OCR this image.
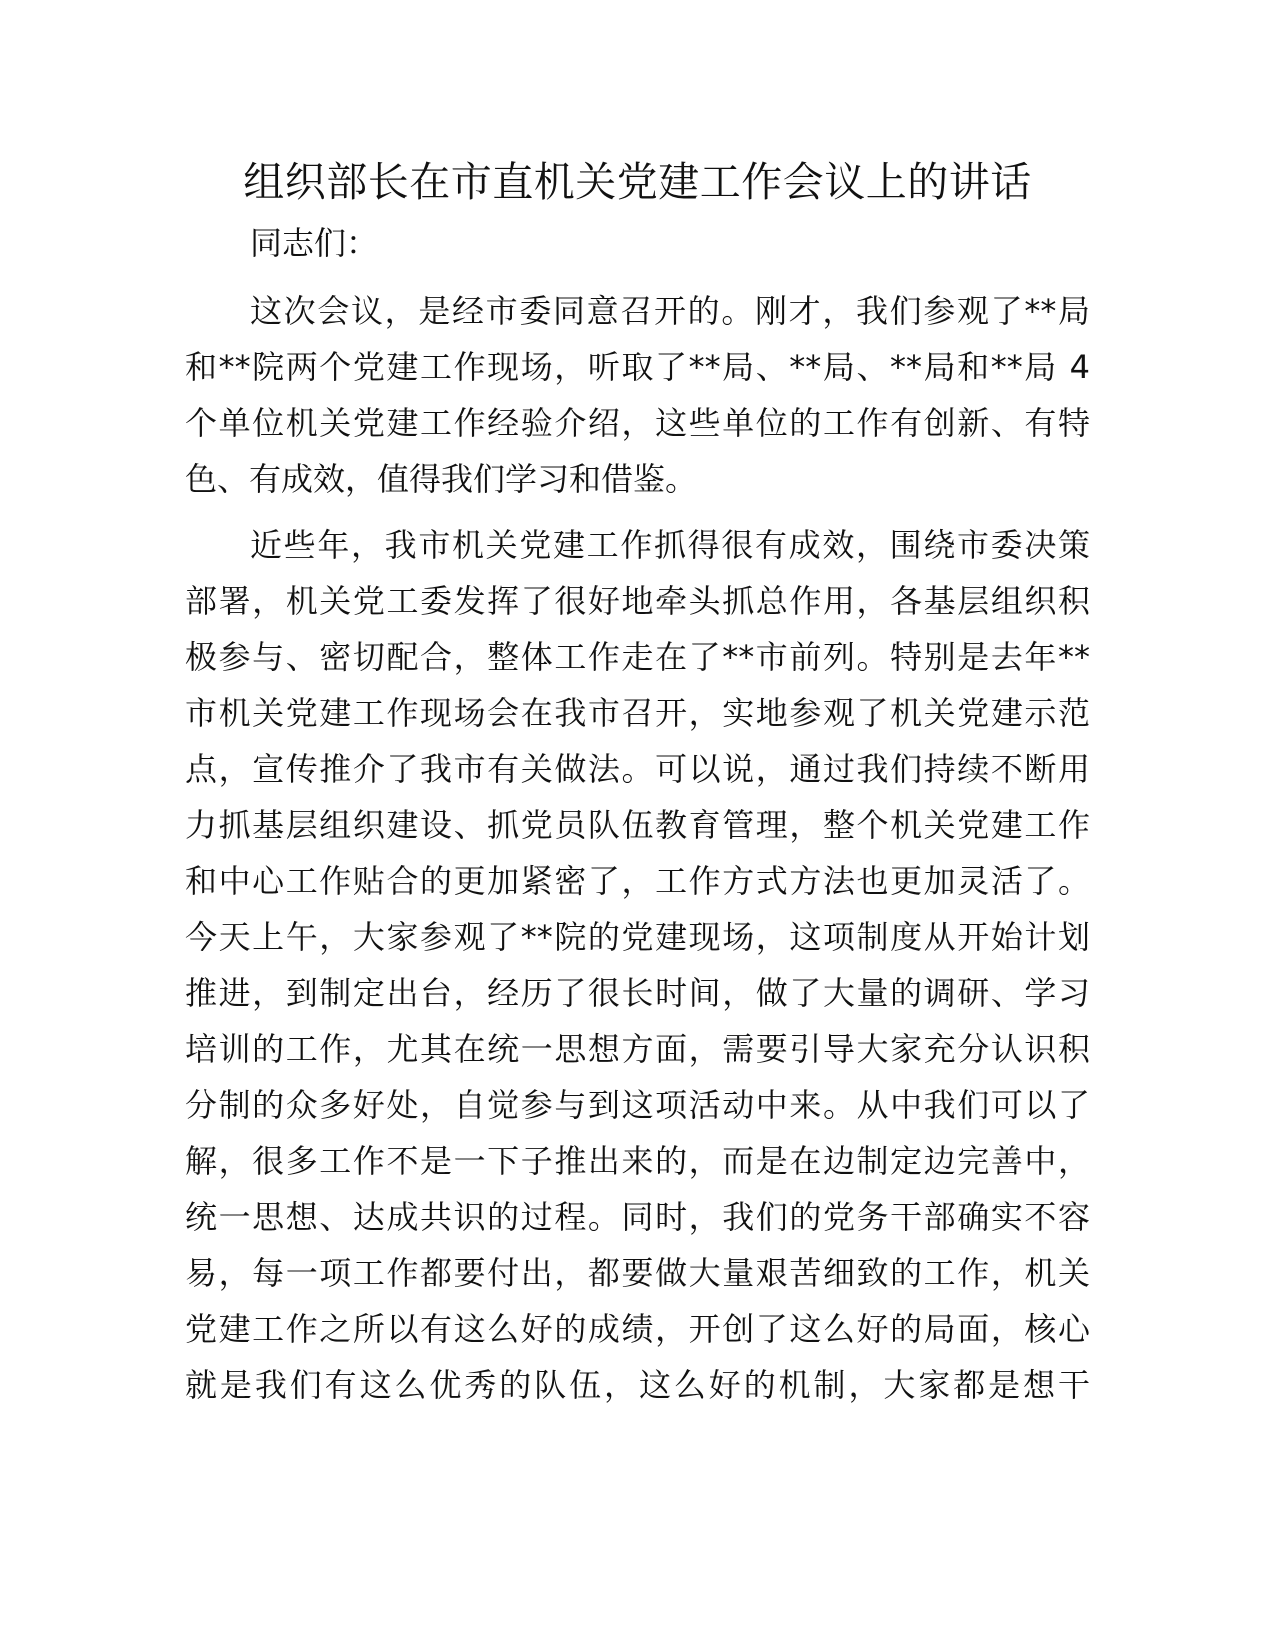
组织部长在市直机关党建工作会议上的讲话
同志们：
这次会议，是经市委同意召开的。刚才，我们参观了**局
和**院两个党建工作现场，听取了**局、**局、**局和**局 4
个单位机关党建工作经验介绍，这些单位的工作有创新、有特
色、有成效，值得我们学习和借鉴。
近些年，我市机关党建工作抓得很有成效，围绕市委决策
部署，机关党工委发挥了很好地牵头抓总作用，各基层组织积
极参与、密切配合，整体工作走在了**市前列。特别是去年**
市机关党建工作现场会在我市召开，实地参观了机关党建示范
点，宣传推介了我市有关做法。可以说，通过我们持续不断用
力抓基层组织建设、抓党员队伍教育管理，整个机关党建工作
和中心工作贴合的更加紧密了，工作方式方法也更加灵活了。
今天上午，大家参观了**院的党建现场，这项制度从开始计划
推进，到制定出台，经历了很长时间，做了大量的调研、学习
培训的工作，尤其在统一思想方面，需要引导大家充分认识积
分制的众多好处，自觉参与到这项活动中来。从中我们可以了
解，很多工作不是一下子推出来的，而是在边制定边完善中，
统一思想、达成共识的过程。同时，我们的党务干部确实不容
易，每一项工作都要付出，都要做大量艰苦细致的工作，机关
党建工作之所以有这么好的成绩，开创了这么好的局面，核心
就是我们有这么优秀的队伍，这么好的机制，大家都是想干
